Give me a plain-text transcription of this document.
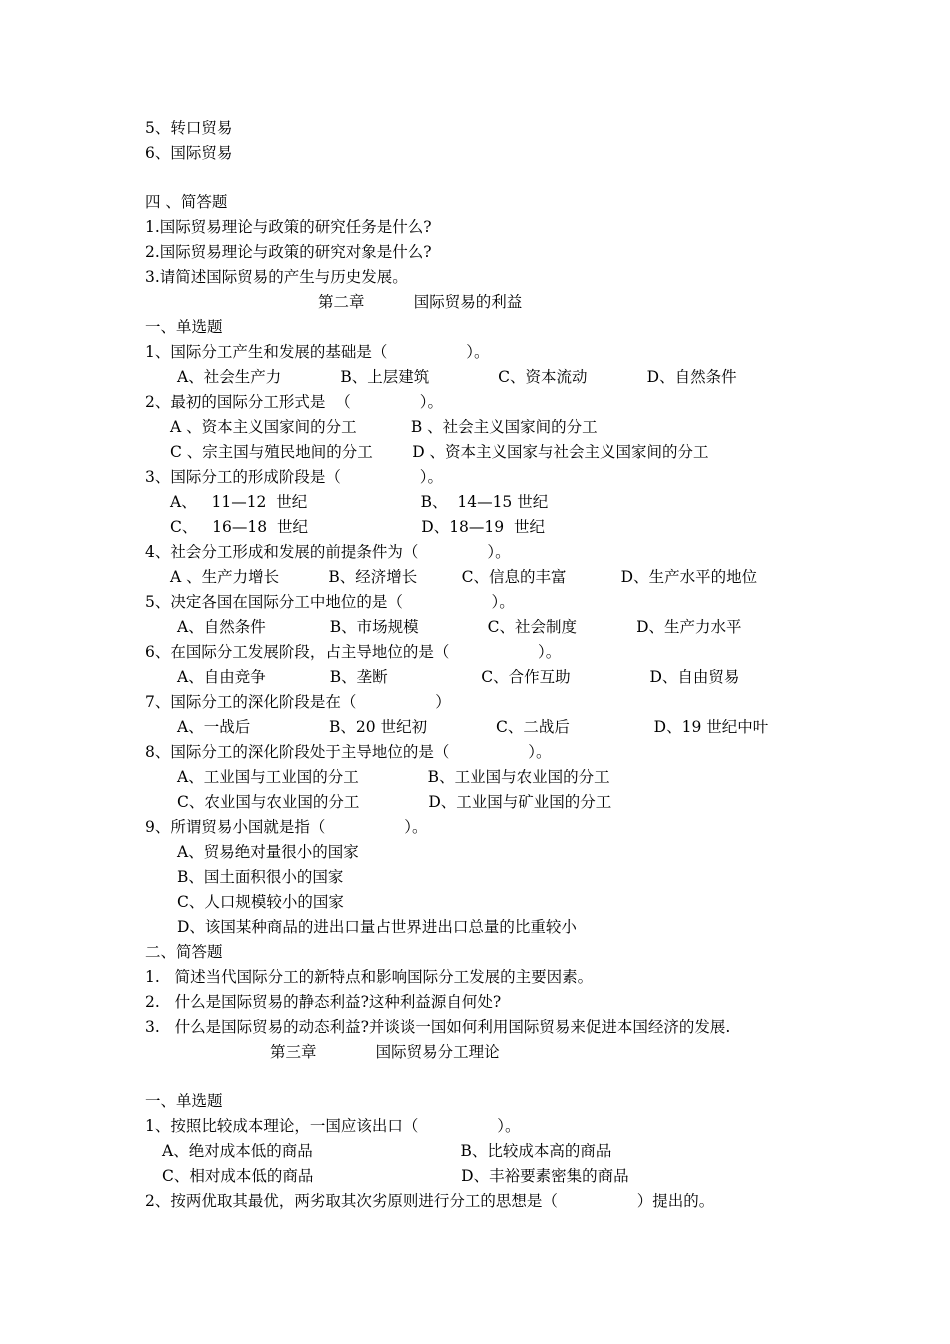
5、转口贸易
6、国际贸易
四 、简答题
1.国际贸易理论与政策的研究任务是什么?
2.国际贸易理论与政策的研究对象是什么?
3.请简述国际贸易的产生与历史发展。
第二章          国际贸易的利益
一、单选题
1、国际分工产生和发展的基础是（                ）。
A、社会生产力            B、上层建筑              C、资本流动            D、自然条件
2、最初的国际分工形式是  （              ）。
A 、资本主义国家间的分工           B 、社会主义国家间的分工
C 、宗主国与殖民地间的分工        D 、资本主义国家与社会主义国家间的分工
3、国际分工的形成阶段是（                ）。
A、   11—12  世纪                       B、  14—15 世纪
C、   16—18  世纪                       D、18—19  世纪
4、社会分工形成和发展的前提条件为（              ）。
A 、生产力增长          B、经济增长         C、信息的丰富           D、生产水平的地位
5、决定各国在国际分工中地位的是（                  ）。
A、自然条件             B、市场规模              C、社会制度            D、生产力水平
6、在国际分工发展阶段，占主导地位的是（                  ）。
A、自由竞争             B、垄断                   C、合作互助                D、自由贸易
7、国际分工的深化阶段是在（                ）
A、一战后                B、20 世纪初              C、二战后                 D、19 世纪中叶
8、国际分工的深化阶段处于主导地位的是（                ）。
A、工业国与工业国的分工              B、工业国与农业国的分工
C、农业国与农业国的分工              D、工业国与矿业国的分工
9、所谓贸易小国就是指（                ）。
A、贸易绝对量很小的国家
B、国土面积很小的国家
C、人口规模较小的国家
D、该国某种商品的进出口量占世界进出口总量的比重较小
二、简答题
1.   简述当代国际分工的新特点和影响国际分工发展的主要因素。
2.   什么是国际贸易的静态利益?这种利益源自何处?
3.   什么是国际贸易的动态利益?并谈谈一国如何利用国际贸易来促进本国经济的发展.
第三章            国际贸易分工理论
一、单选题
1、按照比较成本理论，一国应该出口（                ）。
A、绝对成本低的商品                              B、比较成本高的商品
C、相对成本低的商品                              D、丰裕要素密集的商品
2、按两优取其最优，两劣取其次劣原则进行分工的思想是（                ）提出的。
